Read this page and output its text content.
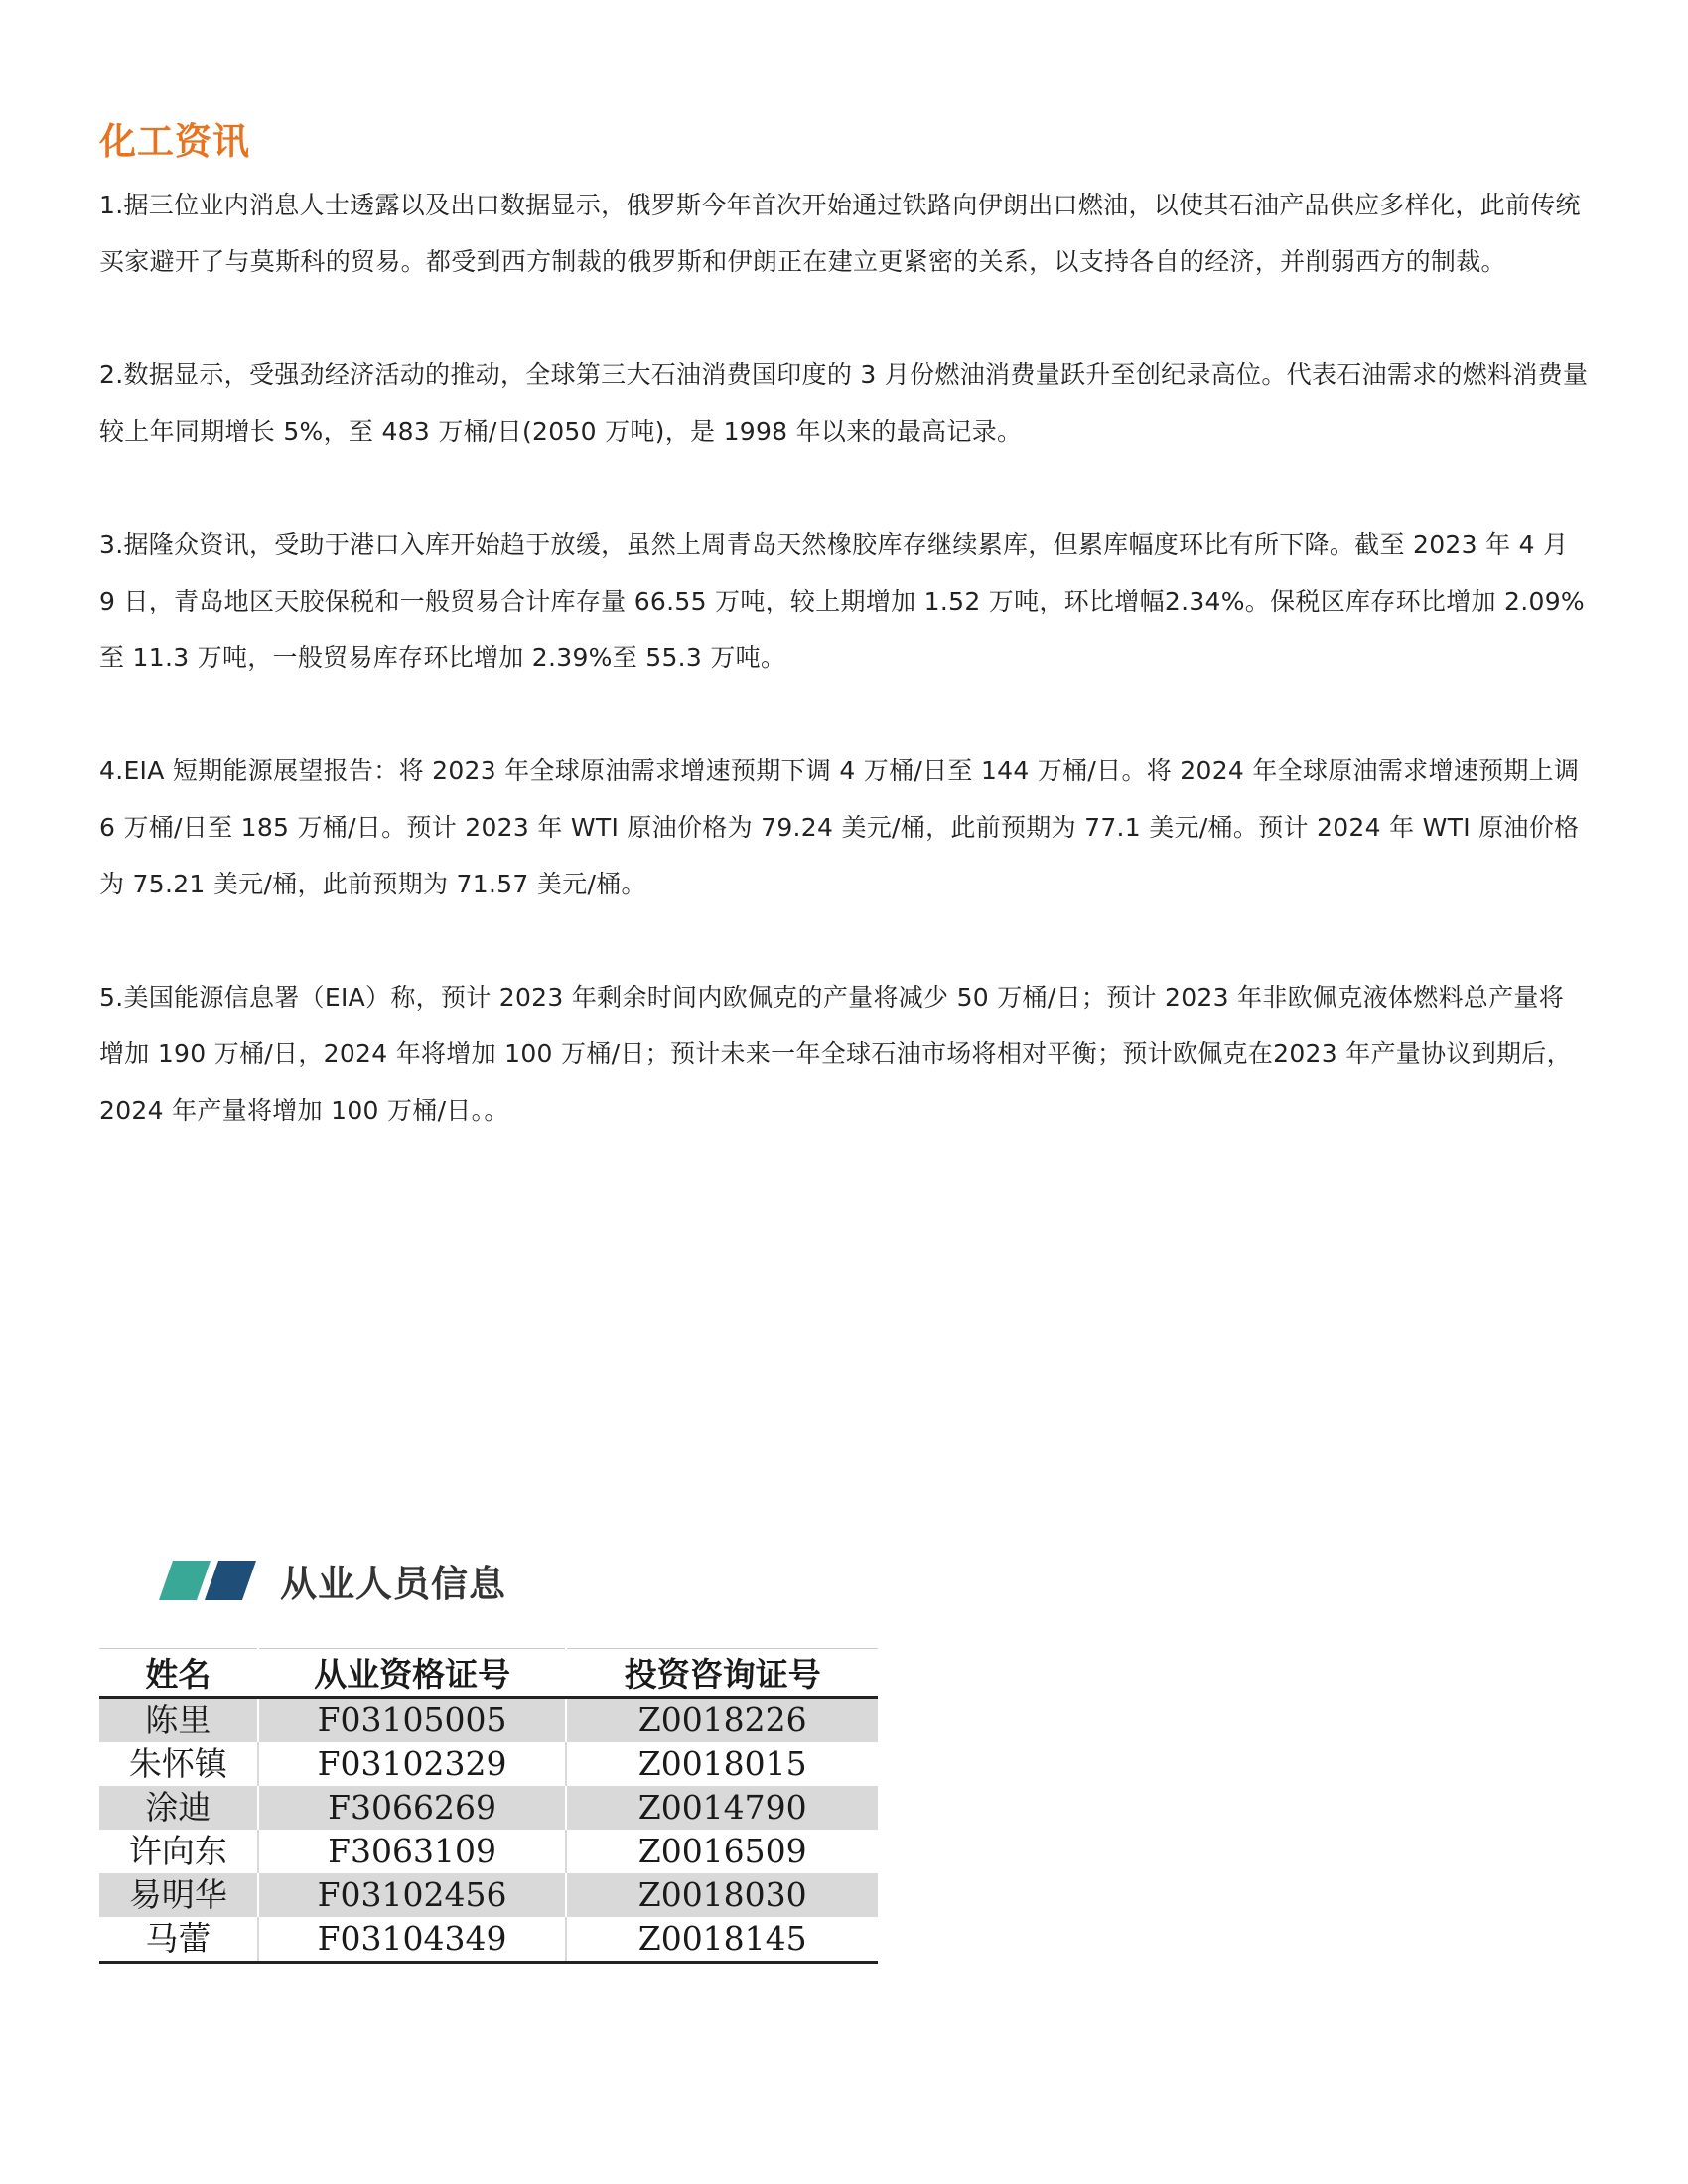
化工资讯

1.据三位业内消息人士透露以及出口数据显示，俄罗斯今年首次开始通过铁路向伊朗出口燃油，以使其石油产品供应多样化，此前传统买家避开了与莫斯科的贸易。都受到西方制裁的俄罗斯和伊朗正在建立更紧密的关系，以支持各自的经济，并削弱西方的制裁。

2.数据显示，受强劲经济活动的推动，全球第三大石油消费国印度的 3 月份燃油消费量跃升至创纪录高位。代表石油需求的燃料消费量较上年同期增长 5%，至 483 万桶/日(2050 万吨)，是 1998 年以来的最高记录。

3.据隆众资讯，受助于港口入库开始趋于放缓，虽然上周青岛天然橡胶库存继续累库，但累库幅度环比有所下降。截至 2023 年 4 月 9 日，青岛地区天胶保税和一般贸易合计库存量 66.55 万吨，较上期增加 1.52 万吨，环比增幅2.34%。保税区库存环比增加 2.09%至 11.3 万吨，一般贸易库存环比增加 2.39%至 55.3 万吨。

4.EIA 短期能源展望报告：将 2023 年全球原油需求增速预期下调 4 万桶/日至 144 万桶/日。将 2024 年全球原油需求增速预期上调 6 万桶/日至 185 万桶/日。预计 2023 年 WTI 原油价格为 79.24 美元/桶，此前预期为 77.1 美元/桶。预计 2024 年 WTI 原油价格为 75.21 美元/桶，此前预期为 71.57 美元/桶。

5.美国能源信息署（EIA）称，预计 2023 年剩余时间内欧佩克的产量将减少 50 万桶/日；预计 2023 年非欧佩克液体燃料总产量将增加 190 万桶/日，2024 年将增加 100 万桶/日；预计未来一年全球石油市场将相对平衡；预计欧佩克在2023 年产量协议到期后，2024 年产量将增加 100 万桶/日。。

从业人员信息
姓名	从业资格证号	投资咨询证号
陈里	F03105005	Z0018226
朱怀镇	F03102329	Z0018015
涂迪	F3066269	Z0014790
许向东	F3063109	Z0016509
易明华	F03102456	Z0018030
马蕾	F03104349	Z0018145
